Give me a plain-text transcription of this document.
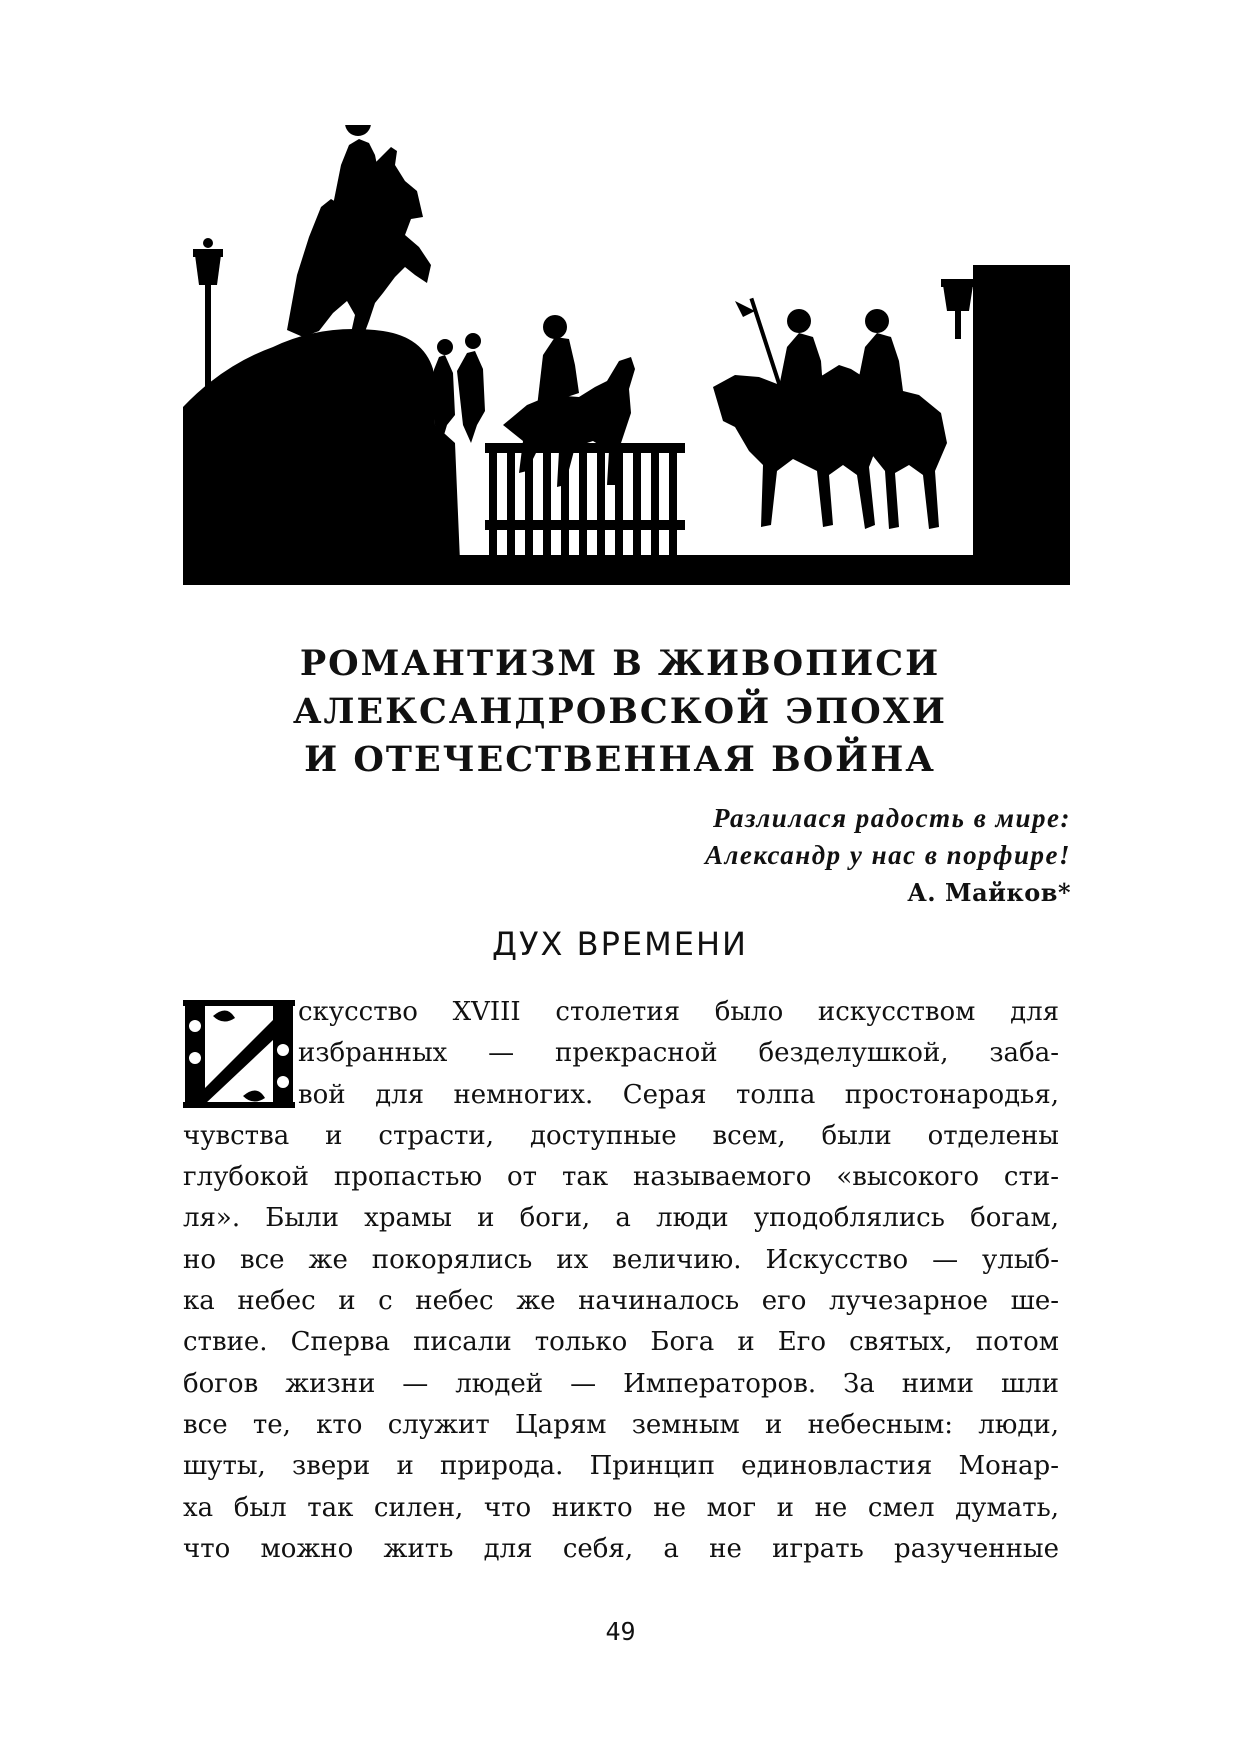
РОМАНТИЗМ В ЖИВОПИСИ
АЛЕКСАНДРОВСКОЙ ЭПОХИ
И ОТЕЧЕСТВЕННАЯ ВОЙНА
Разлилася радость в мире:
Александр у нас в порфире!
А. Майков*
ДУХ ВРЕМЕНИ
И
скусство XVIII столетия было искусством для
избранных — прекрасной безделушкой, заба-
вой для немногих. Серая толпа простонародья,
чувства и страсти, доступные всем, были отделены
глубокой пропастью от так называемого «высокого сти-
ля». Были храмы и боги, а люди уподоблялись богам,
но все же покорялись их величию. Искусство — улыб-
ка небес и с небес же начиналось его лучезарное ше-
ствие. Сперва писали только Бога и Его святых, потом
богов жизни — людей — Императоров. За ними шли
все те, кто служит Царям земным и небесным: люди,
шуты, звери и природа. Принцип единовластия Монар-
ха был так силен, что никто не мог и не смел думать,
что можно жить для себя, а не играть разученные
49
